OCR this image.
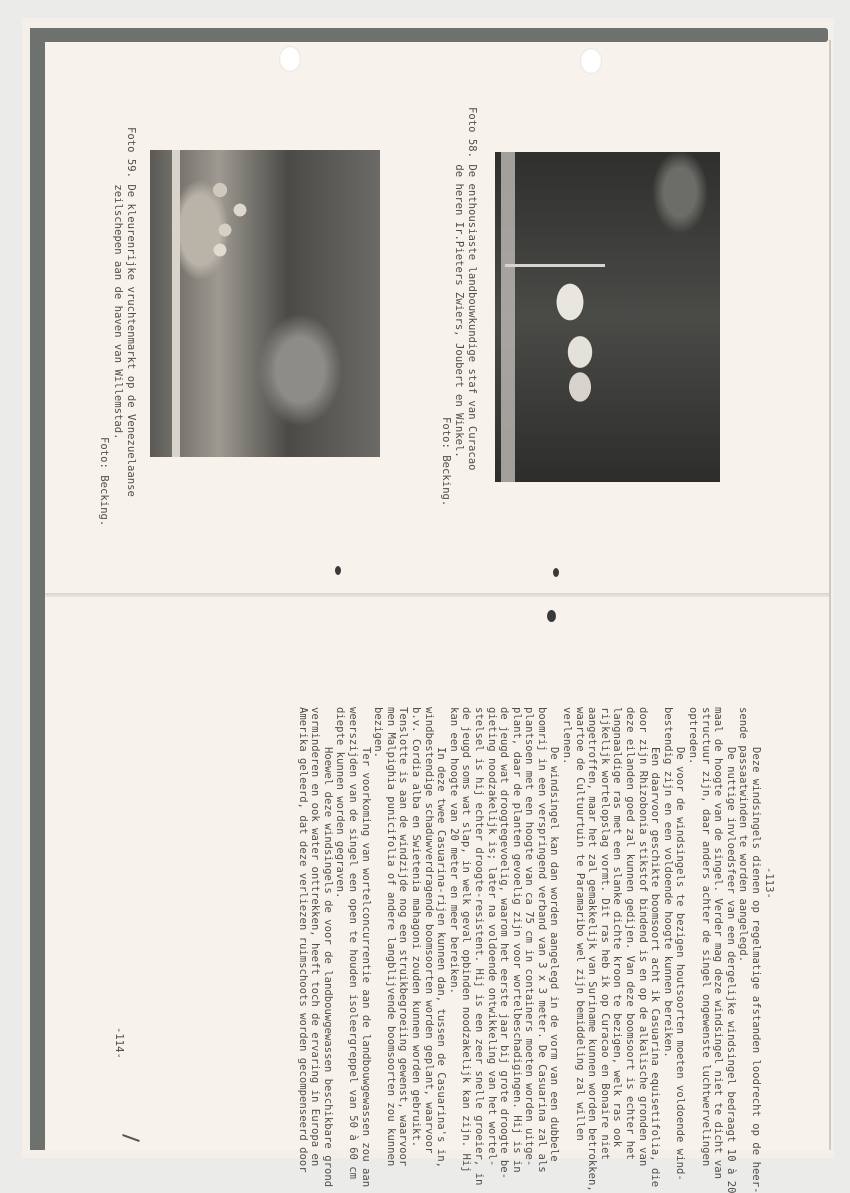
Foto 58. De enthousiaste landbouwkundige staf van Curacao
de heren Ir.Pieters Zwiers, Joubert en Winkel.
Foto: Becking.
Foto 59. De kleurenrijke vruchtenmarkt op de Venezuelaanse
zeilschepen aan de haven van Willemstad.
Foto: Becking.
-113-
Deze windsingels dienen op regelmatige afstanden loodrecht op de heer-
sende passaatwinden te worden aangelegd.
De nuttige invloedsfeer van een dergelijke windsingel bedraagt 10 à 20
maal de hoogte van de singel. Verder mag deze windsingel niet te dicht van
structuur zijn, daar anders achter de singel ongewenste luchtwervelingen
optreden.
De voor de windsingels te bezigen houtsoorten moeten voldoende wind-
bestendig zijn en een voldoende hoogte kunnen bereiken.
Een daarvoor geschikte boomsoort acht ik Casuarina equisetifolia, die
door zijn Rhizobonia stikstof bindend is en op de alkalische gronden van
deze eilanden goed zal kunnen gedijen. Van deze boomsoort is echter het
langnaaldige ras met een slanke dichte kroon te bezigen, welk ras ook
rijkelijk wortelopslag vormt. Dit ras heb ik op Curacao en Bonaire niet
aangetroffen, maar het zal gemakkelijk van Suriname kunnen worden betrokken,
waartoe de Cultuurtuin te Paramaribo wel zijn bemiddeling zal willen
verlenen.
De windsingel kan dan worden aangelegd in de vorm van een dubbele
boomrij in een verspringend verband van 3 x 3 meter. De Casuarina zal als
plantsoen met een hoogte van ca 75 cm in containers moeten worden uitge-
plant, daar de planten gevoelig zijn voor wortelbeschadigingen. Hij is in
de jeugd wat droogtegevoelig, waarom het eerste jaar bij grote droogte be-
gieting noodzakelijk is; later na voldoende ontwikkeling van het wortel-
stelsel is hij echter droogte-resistent. Hij is een zeer snelle groeier, in
de jeugd soms wat slap, in welk geval opbinden noodzakelijk kan zijn. Hij
kan een hoogte van 20 meter en meer bereiken.
In deze twee Casuarina-rijen kunnen dan, tussen de Casuarina's in,
windbestendige schaduwverdragende boomsoorten worden geplant, waarvoor
b.v. Cordia alba en Swietenia mahagoni zouden kunnen worden gebruikt.
Tenslotte is aan de windzijde nog een struikbegroeiing gewenst, waarvoor
men Malpighia punicifolia of andere langblijvende boomsoorten zou kunnen
bezigen.
Ter voorkoming van wortelconcurrentie aan de landbouwgewassen zou aan
weerszijden van de singel een open te houden isoleergreppel van 50 à 60 cm
diepte kunnen worden gegraven.
Hoewel deze windsingels de voor de landbouwgewassen beschikbare grond
verminderen en ook water onttrekken, heeft toch de ervaring in Europa en
Amerika geleerd, dat deze verliezen ruimschoots worden gecompenseerd door
-114-
